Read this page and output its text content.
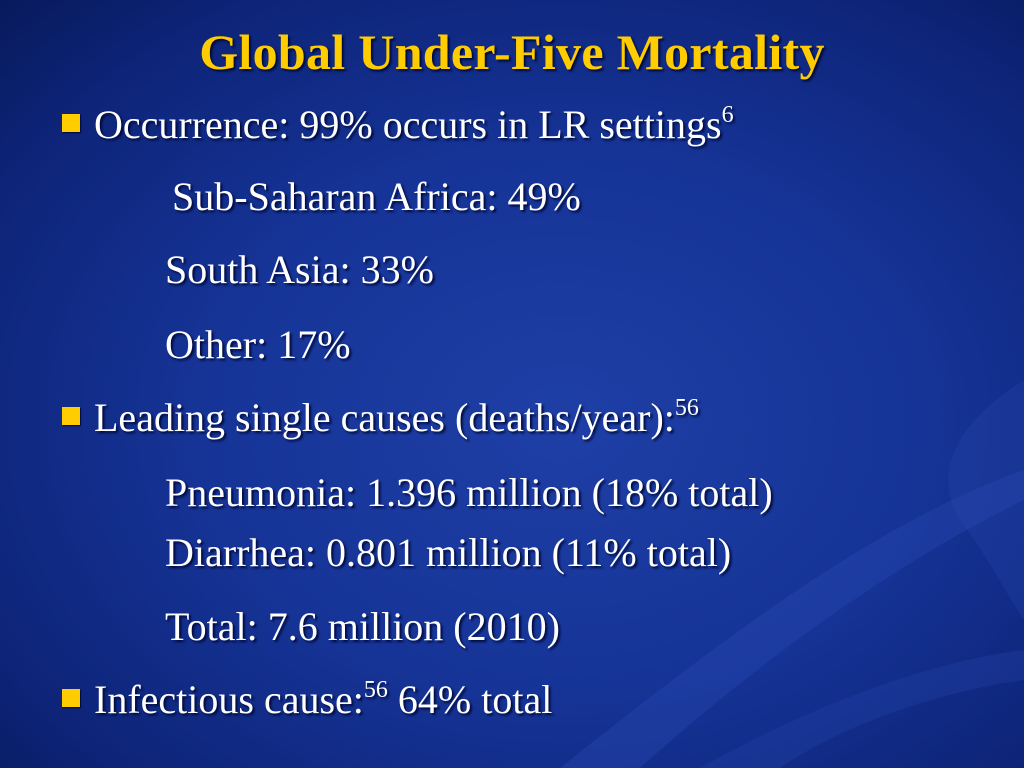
Global Under-Five Mortality
Occurrence: 99% occurs in LR settings$^6$
Sub-Saharan Africa: 49%
South Asia: 33%
Other: 17%
Leading single causes (deaths/year):$^{56}$
Pneumonia: 1.396 million (18% total)
Diarrhea: 0.801 million (11% total)
Total: 7.6 million (2010)
Infectious cause:$^{56}$ 64% total
